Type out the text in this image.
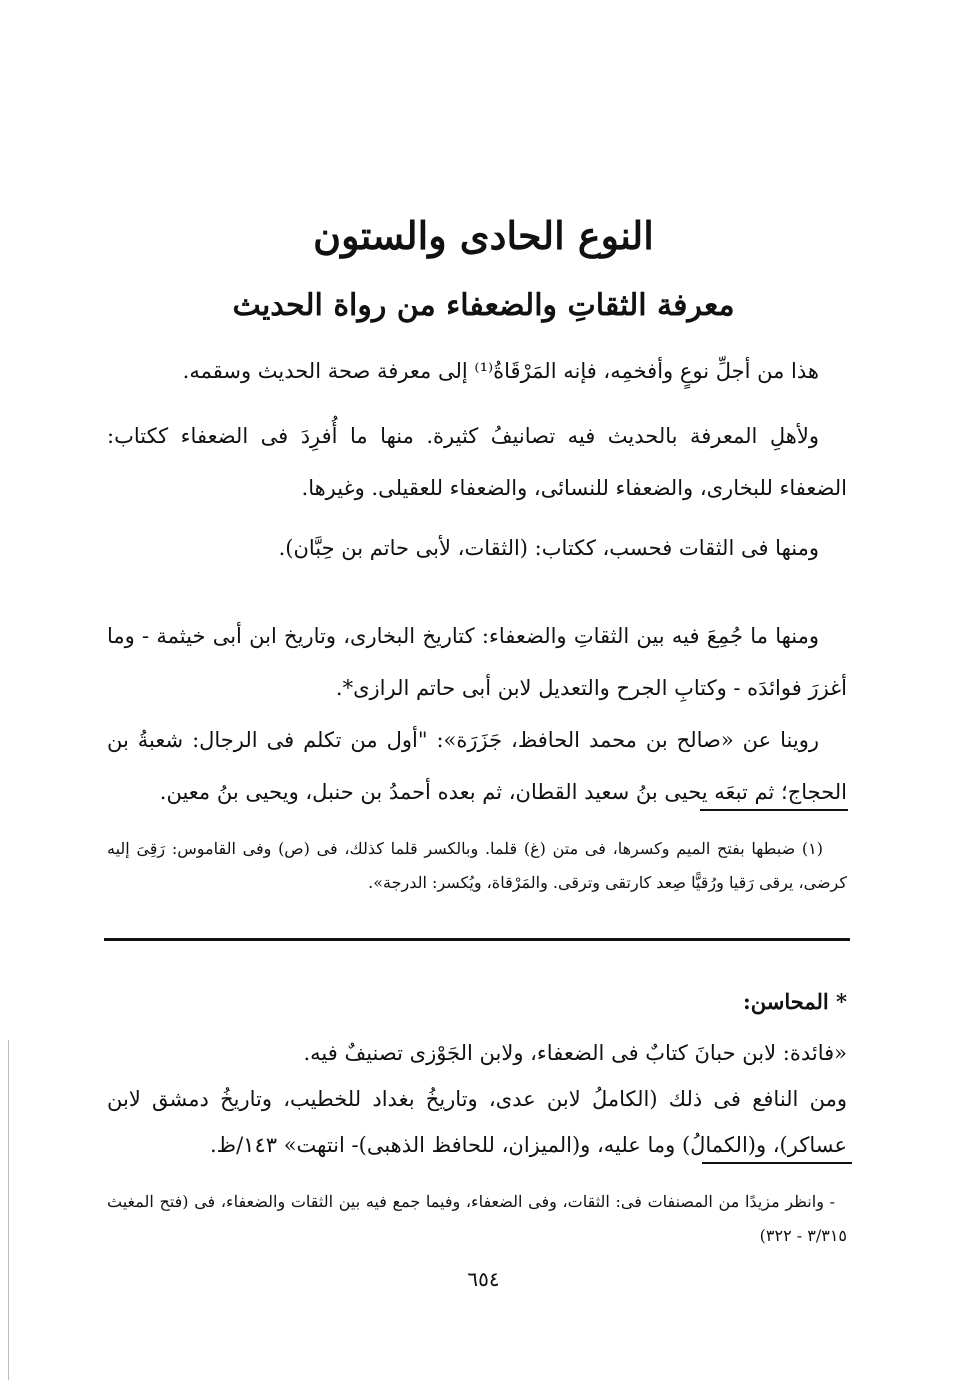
النوع الحادى والستون
معرفة الثقاتِ والضعفاء من رواة الحديث

هذا من أجلِّ نوعٍ وأفخمِه، فإنه المَرْقَاةُ⁽¹⁾ إلى معرفة صحة الحديث وسقمه.

ولأهلِ المعرفة بالحديث فيه تصانيفُ كثيرة. منها ما أُفرِدَ فى الضعفاء ككتاب: الضعفاء للبخارى، والضعفاء للنسائى، والضعفاء للعقيلى. وغيرها.

ومنها فى الثقات فحسب، ككتاب: (الثقات، لأبى حاتم بن حِبَّان).

ومنها ما جُمِعَ فيه بين الثقاتِ والضعفاء: كتاريخ البخارى، وتاريخ ابن أبى خيثمة - وما أغزرَ فوائدَه - وكتابِ الجرح والتعديل لابن أبى حاتم الرازى*.

روينا عن «صالح بن محمد الحافظ، جَزَرَة»: "أول من تكلم فى الرجال: شعبةُ بن الحجاج؛ ثم تبعَه يحيى بنُ سعيد القطان، ثم بعده أحمدُ بن حنبل، ويحيى بنُ معين.

(١) ضبطها بفتح الميم وكسرها، فى متن (غ) قلما. وبالكسر قلما كذلك، فى (ص) وفى القاموس: رَقِىَ إليه كرضى، يرقى رَقيا ورُقيًّا صِعد كارتقى وترقى. والمَرْقاة، ويُكسر: الدرجة».

* المحاسن:

«فائدة: لابن حبانَ كتابٌ فى الضعفاء، ولابن الجَوْزى تصنيفٌ فيه.

ومن النافع فى ذلك (الكاملُ لابن عدى، وتاريخُ بغداد للخطيب، وتاريخُ دمشق لابن عساكر)، و(الكمالُ) وما عليه، و(الميزان، للحافظ الذهبى)- انتهت» ١٤٣/ظ.

- وانظر مزيدًا من المصنفات فى: الثقات، وفى الضعفاء، وفيما جمع فيه بين الثقات والضعفاء، فى (فتح المغيث ٣/٣١٥ - ٣٢٢)

٦٥٤
